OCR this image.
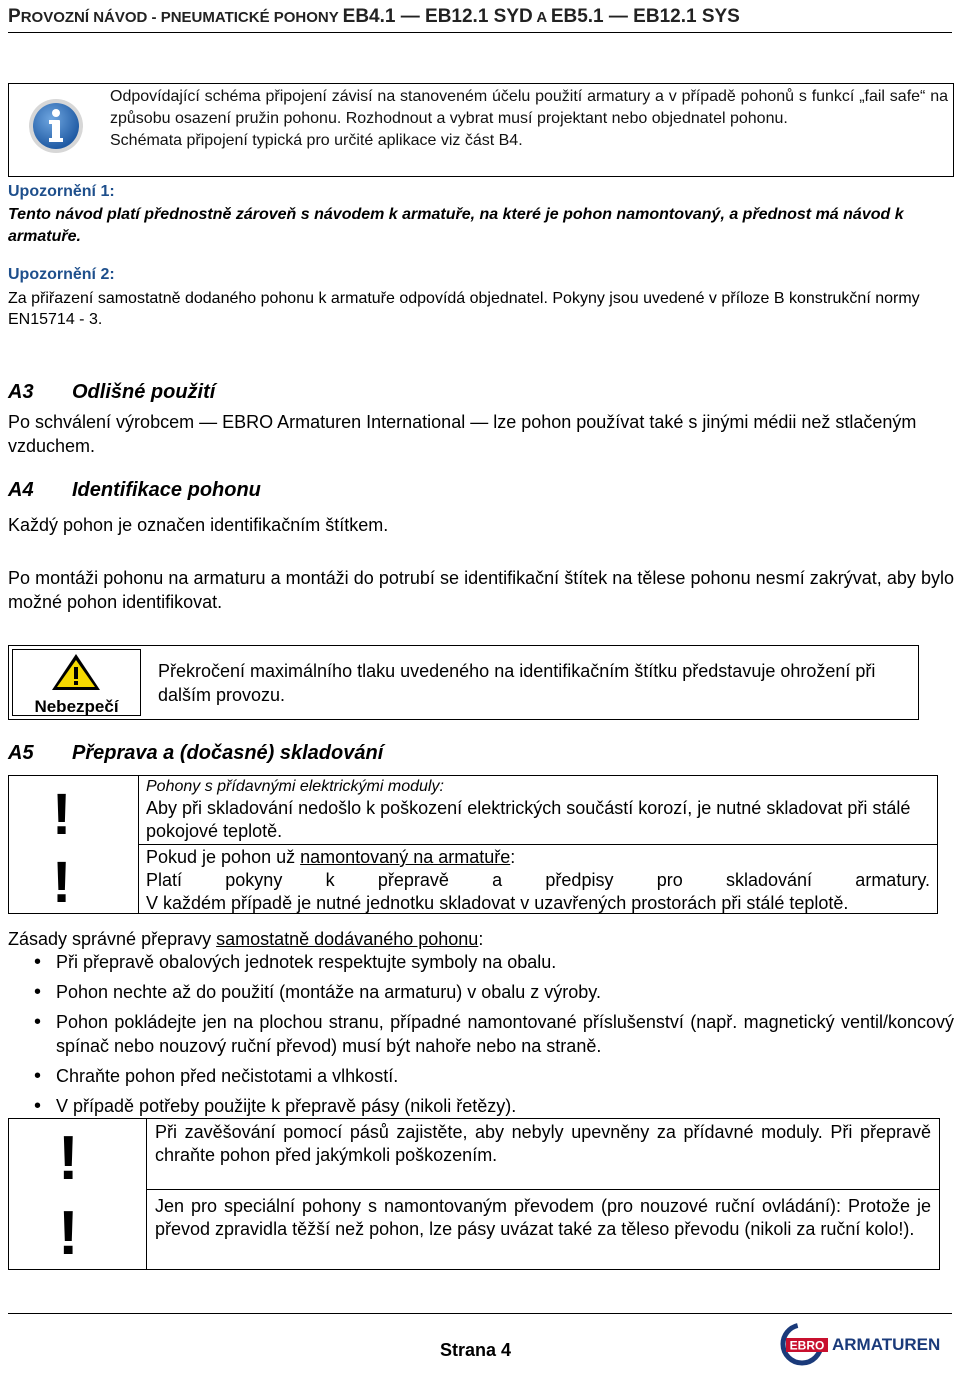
PROVOZNÍ NÁVOD - PNEUMATICKÉ POHONY EB4.1 — EB12.1 SYD A EB5.1 — EB12.1 SYS

Odpovídající schéma připojení závisí na stanoveném účelu použití armatury a v případě pohonů s funkcí „fail safe“ na způsobu osazení pružin pohonu. Rozhodnout a vybrat musí projektant nebo objednatel pohonu.

Schémata připojení typická pro určité aplikace viz část B4.

Upozornění 1:
Tento návod platí přednostně zároveň s návodem k armatuře, na které je pohon namontovaný, a přednost má návod k armatuře.
Upozornění 2:
Za přiřazení samostatně dodaného pohonu k armatuře odpovídá objednatel. Pokyny jsou uvedené v příloze B konstrukční normy EN15714 - 3.
A3 Odlišné použití
Po schválení výrobcem — EBRO Armaturen International — lze pohon používat také s jinými médii než stlačeným vzduchem.
A4 Identifikace pohonu
Každý pohon je označen identifikačním štítkem.
Po montáži pohonu na armaturu a montáži do potrubí se identifikační štítek na tělese pohonu nesmí zakrývat, aby bylo možné pohon identifikovat.
Nebezpečí
Překročení maximálního tlaku uvedeného na identifikačním štítku představuje ohrožení při dalším provozu.
A5 Přeprava a (dočasné) skladování
!
!
Pohony s přídavnými elektrickými moduly:
Aby při skladování nedošlo k poškození elektrických součástí korozí, je nutné skladovat při stálé pokojové teplotě.

Pokud je pohon už namontovaný na armatuře:

Platí pokyny k přepravě a předpisy pro skladování armatury.

V každém případě je nutné jednotku skladovat v uzavřených prostorách při stálé teplotě.

Zásady správné přepravy samostatně dodávaného pohonu:
• Při přepravě obalových jednotek respektujte symboly na obalu.
• Pohon nechte až do použití (montáže na armaturu) v obalu z výroby.
• Pohon pokládejte jen na plochou stranu, případné namontované příslušenství (např. magnetický ventil/koncový spínač nebo nouzový ruční převod) musí být nahoře nebo na straně.
• Chraňte pohon před nečistotami a vlhkostí.
• V případě potřeby použijte k přepravě pásy (nikoli řetězy).
!
!
Při zavěšování pomocí pásů zajistěte, aby nebyly upevněny za přídavné moduly. Při přepravě chraňte pohon před jakýmkoli poškozením.
Jen pro speciální pohony s namontovaným převodem (pro nouzové ruční ovládání): Protože je převod zpravidla těžší než pohon, lze pásy uvázat také za těleso převodu (nikoli za ruční kolo!).
Strana 4	EBRO ARMATUREN
